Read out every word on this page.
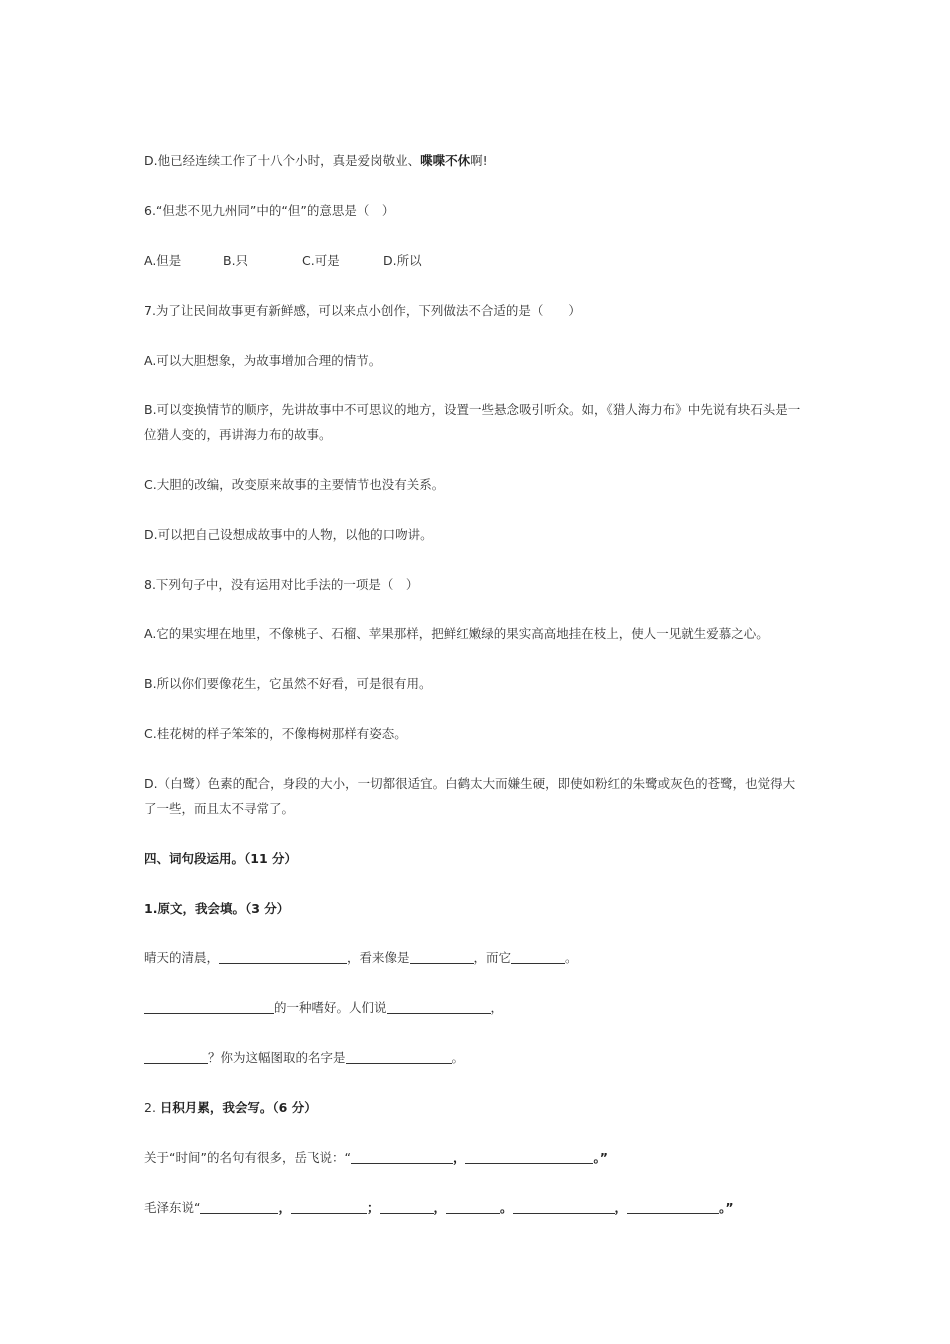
D.他已经连续工作了十八个小时，真是爱岗敬业、喋喋不休啊!
6.“但悲不见九州同”中的“但”的意思是（　）
A.但是	B.只	C.可是	D.所以
7.为了让民间故事更有新鲜感，可以来点小创作，下列做法不合适的是（　　）
A.可以大胆想象，为故事增加合理的情节。
B.可以变换情节的顺序，先讲故事中不可思议的地方，设置一些悬念吸引听众。如，《猎人海力布》中先说有块石头是一位猎人变的，再讲海力布的故事。
C.大胆的改编，改变原来故事的主要情节也没有关系。
D.可以把自己设想成故事中的人物，以他的口吻讲。
8.下列句子中，没有运用对比手法的一项是（　）
A.它的果实埋在地里，不像桃子、石榴、苹果那样，把鲜红嫩绿的果实高高地挂在枝上，使人一见就生爱慕之心。
B.所以你们要像花生，它虽然不好看，可是很有用。
C.桂花树的样子笨笨的，不像梅树那样有姿态。
D.（白鹭）色素的配合，身段的大小，一切都很适宜。白鹤太大而嫌生硬，即使如粉红的朱鹭或灰色的苍鹭，也觉得大了一些，而且太不寻常了。
四、词句段运用。（11 分）
1.原文，我会填。（3 分）
晴天的清晨，	，看来像是	，而它	。
的一种嗜好。人们说	，
？你为这幅图取的名字是	。
2. 日积月累，我会写。（6 分）
关于“时间”的名句有很多，岳飞说：“	，	。”
毛泽东说“	，	；	，	。	，	。”
